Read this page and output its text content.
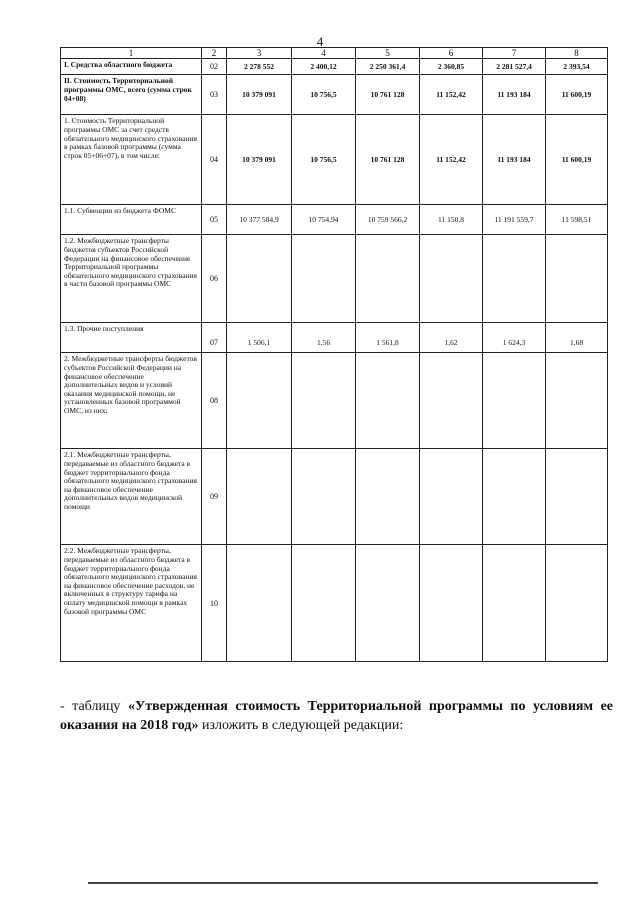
4
1	2	3	4	5	6	7	8
I. Средства областного бюджета	02	2 278 552	2 400,12	2 250 361,4	2 360,85	2 281 527,4	2 393,54
II. Стоимость Территориальной программы ОМС, всего (сумма строк 04+08)	03	10 379 091	10 756,5	10 761 128	11 152,42	11 193 184	11 600,19
1. Стоимость Территориальной программы ОМС за счет средств обязательного медицинского страхования в рамках базовой программы (сумма строк 05+06+07), в том числе:	04	10 379 091	10 756,5	10 761 128	11 152,42	11 193 184	11 600,19
1.1. Субвенции из бюджета ФОМС	05	10 377 584,9	10 754,94	10 759 566,2	11 150,8	11 191 559,7	11 598,51
1.2. Межбюджетные трансферты бюджетов субъектов Российской Федерации на финансовое обеспечение Территориальной программы обязательного медицинского страхования в части базовой программы ОМС	06						
1.3. Прочие поступления	07	1 506,1	1,56	1 561,8	1,62	1 624,3	1,68
2. Межбюджетные трансферты бюджетов субъектов Российской Федерации на финансовое обеспечение дополнительных видов и условий оказания медицинской помощи, не установленных базовой программой ОМС, из них:	08						
2.1. Межбюджетные трансферты, передаваемые из областного бюджета в бюджет территориального фонда обязательного медицинского страхования на финансовое обеспечение дополнительных видов медицинской помощи	09						
2.2. Межбюджетные трансферты, передаваемые из областного бюджета в бюджет территориального фонда обязательного медицинского страхования на финансовое обеспечение расходов, не включенных в структуру тарифа на оплату медицинской помощи в рамках базовой программы ОМС	10						
- таблицу «Утвержденная стоимость Территориальной программы по условиям ее оказания на 2018 год» изложить в следующей редакции:
